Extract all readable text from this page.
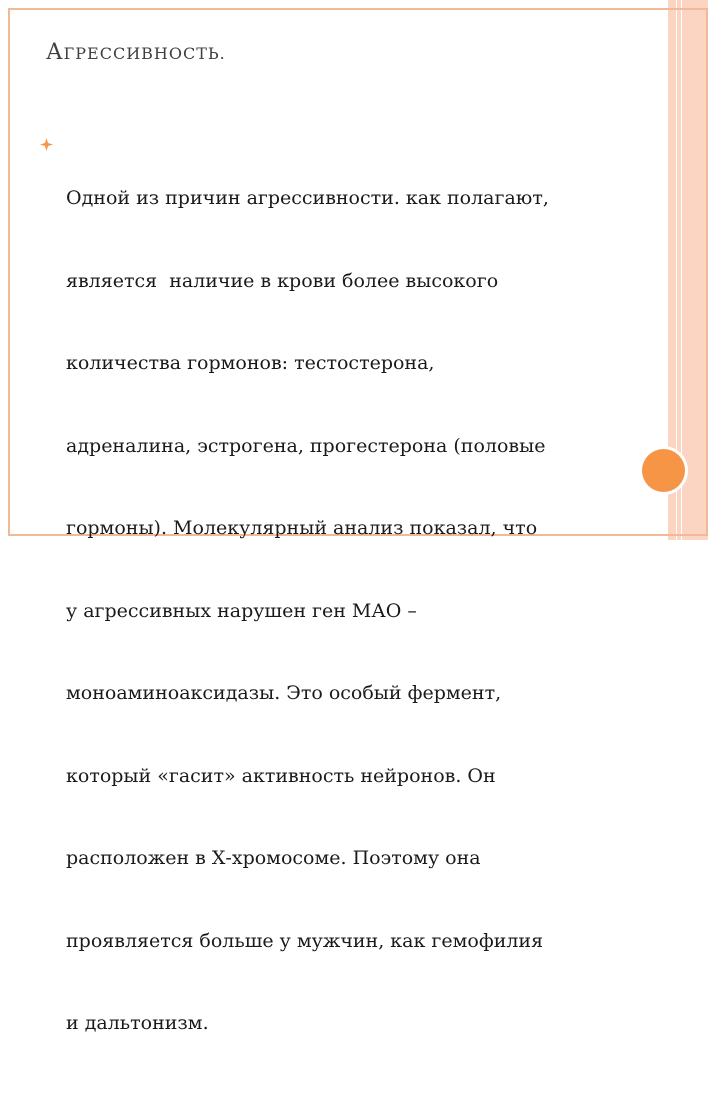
АГРЕССИВНОСТЬ.

Одной из причин агрессивности. как полагают,

является  наличие в крови более высокого

количества гормонов: тестостерона,

адреналина, эстрогена, прогестерона (половые

гормоны). Молекулярный анализ показал, что

у агрессивных нарушен ген МАО –

моноаминоаксидазы. Это особый фермент,

который «гасит» активность нейронов. Он

расположен в Х-хромосоме. Поэтому она

проявляется больше у мужчин, как гемофилия

и дальтонизм.
